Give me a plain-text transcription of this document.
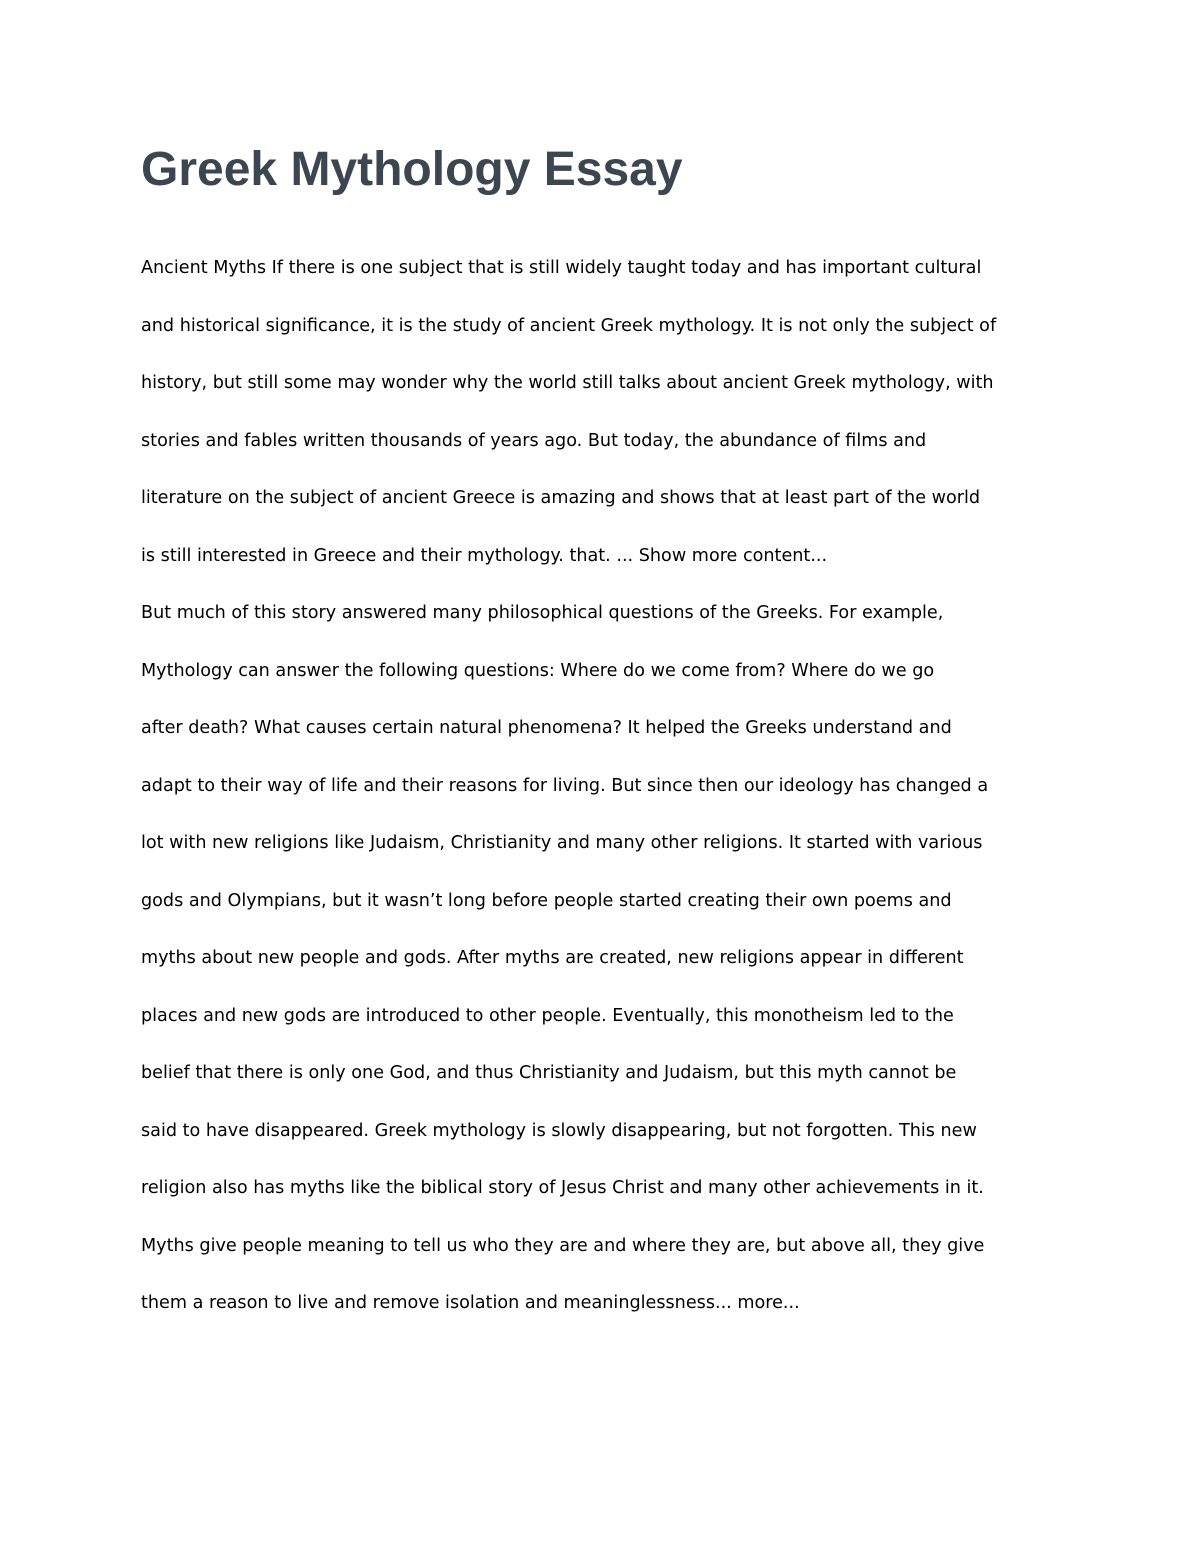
Greek Mythology Essay
Ancient Myths If there is one subject that is still widely taught today and has important cultural
and historical significance, it is the study of ancient Greek mythology. It is not only the subject of
history, but still some may wonder why the world still talks about ancient Greek mythology, with
stories and fables written thousands of years ago. But today, the abundance of films and
literature on the subject of ancient Greece is amazing and shows that at least part of the world
is still interested in Greece and their mythology. that. ... Show more content...
But much of this story answered many philosophical questions of the Greeks. For example,
Mythology can answer the following questions: Where do we come from? Where do we go
after death? What causes certain natural phenomena? It helped the Greeks understand and
adapt to their way of life and their reasons for living. But since then our ideology has changed a
lot with new religions like Judaism, Christianity and many other religions. It started with various
gods and Olympians, but it wasn’t long before people started creating their own poems and
myths about new people and gods. After myths are created, new religions appear in different
places and new gods are introduced to other people. Eventually, this monotheism led to the
belief that there is only one God, and thus Christianity and Judaism, but this myth cannot be
said to have disappeared. Greek mythology is slowly disappearing, but not forgotten. This new
religion also has myths like the biblical story of Jesus Christ and many other achievements in it.
Myths give people meaning to tell us who they are and where they are, but above all, they give
them a reason to live and remove isolation and meaninglessness... more...
